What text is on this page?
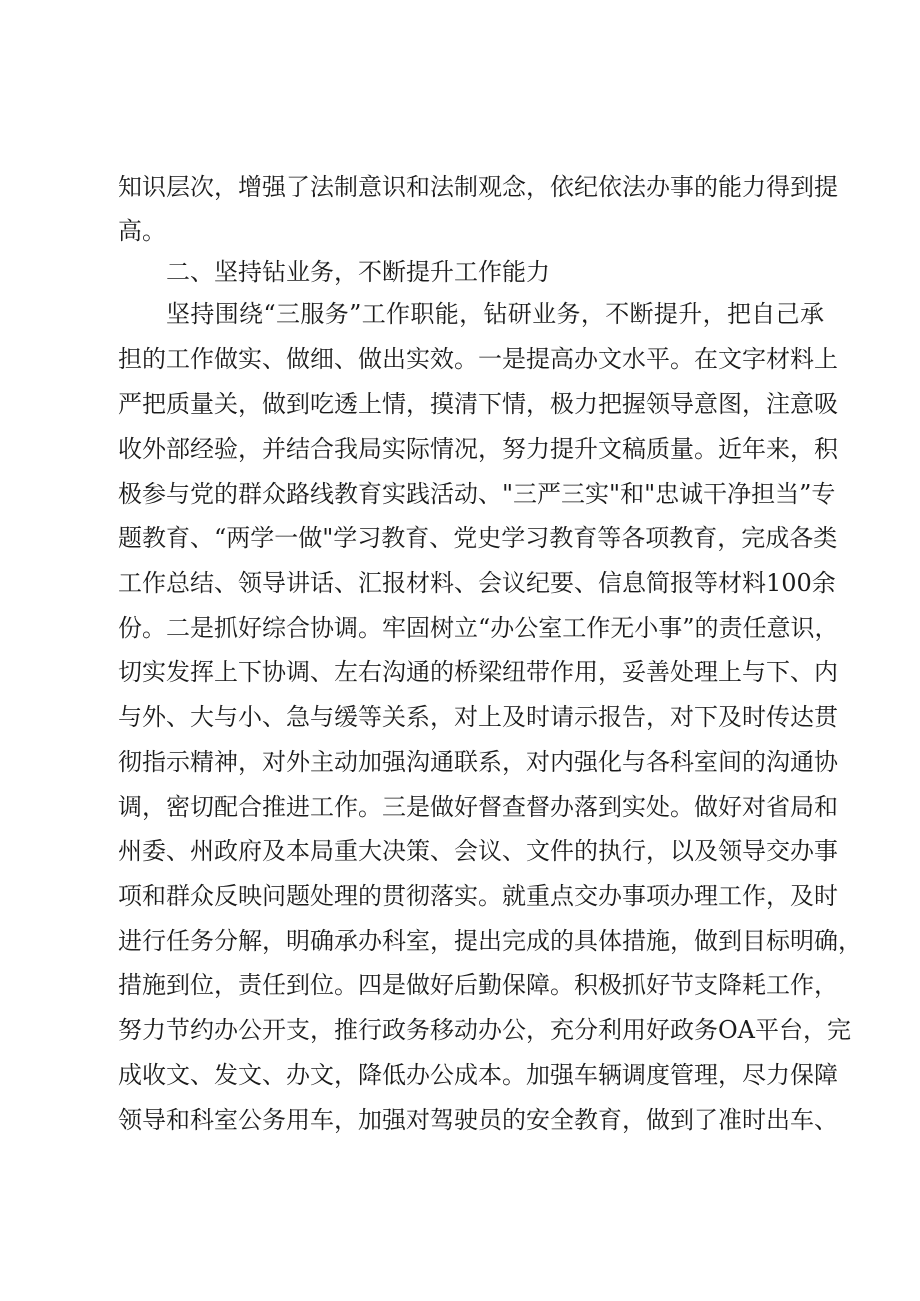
知识层次，增强了法制意识和法制观念，依纪依法办事的能力得到提

高。

二、坚持钻业务，不断提升工作能力

坚持围绕“三服务”工作职能，钻研业务，不断提升，把自己承

担的工作做实、做细、做出实效。一是提高办文水平。在文字材料上

严把质量关，做到吃透上情，摸清下情，极力把握领导意图，注意吸

收外部经验，并结合我局实际情况，努力提升文稿质量。近年来，积

极参与党的群众路线教育实践活动、"三严三实"和"忠诚干净担当”专

题教育、“两学一做"学习教育、党史学习教育等各项教育，完成各类

工作总结、领导讲话、汇报材料、会议纪要、信息简报等材料100余

份。二是抓好综合协调。牢固树立“办公室工作无小事”的责任意识，

切实发挥上下协调、左右沟通的桥梁纽带作用，妥善处理上与下、内

与外、大与小、急与缓等关系，对上及时请示报告，对下及时传达贯

彻指示精神，对外主动加强沟通联系，对内强化与各科室间的沟通协

调，密切配合推进工作。三是做好督查督办落到实处。做好对省局和

州委、州政府及本局重大决策、会议、文件的执行，以及领导交办事

项和群众反映问题处理的贯彻落实。就重点交办事项办理工作，及时

进行任务分解，明确承办科室，提出完成的具体措施，做到目标明确，

措施到位，责任到位。四是做好后勤保障。积极抓好节支降耗工作，

努力节约办公开支，推行政务移动办公，充分利用好政务OA平台，完

成收文、发文、办文，降低办公成本。加强车辆调度管理，尽力保障

领导和科室公务用车，加强对驾驶员的安全教育，做到了准时出车、
